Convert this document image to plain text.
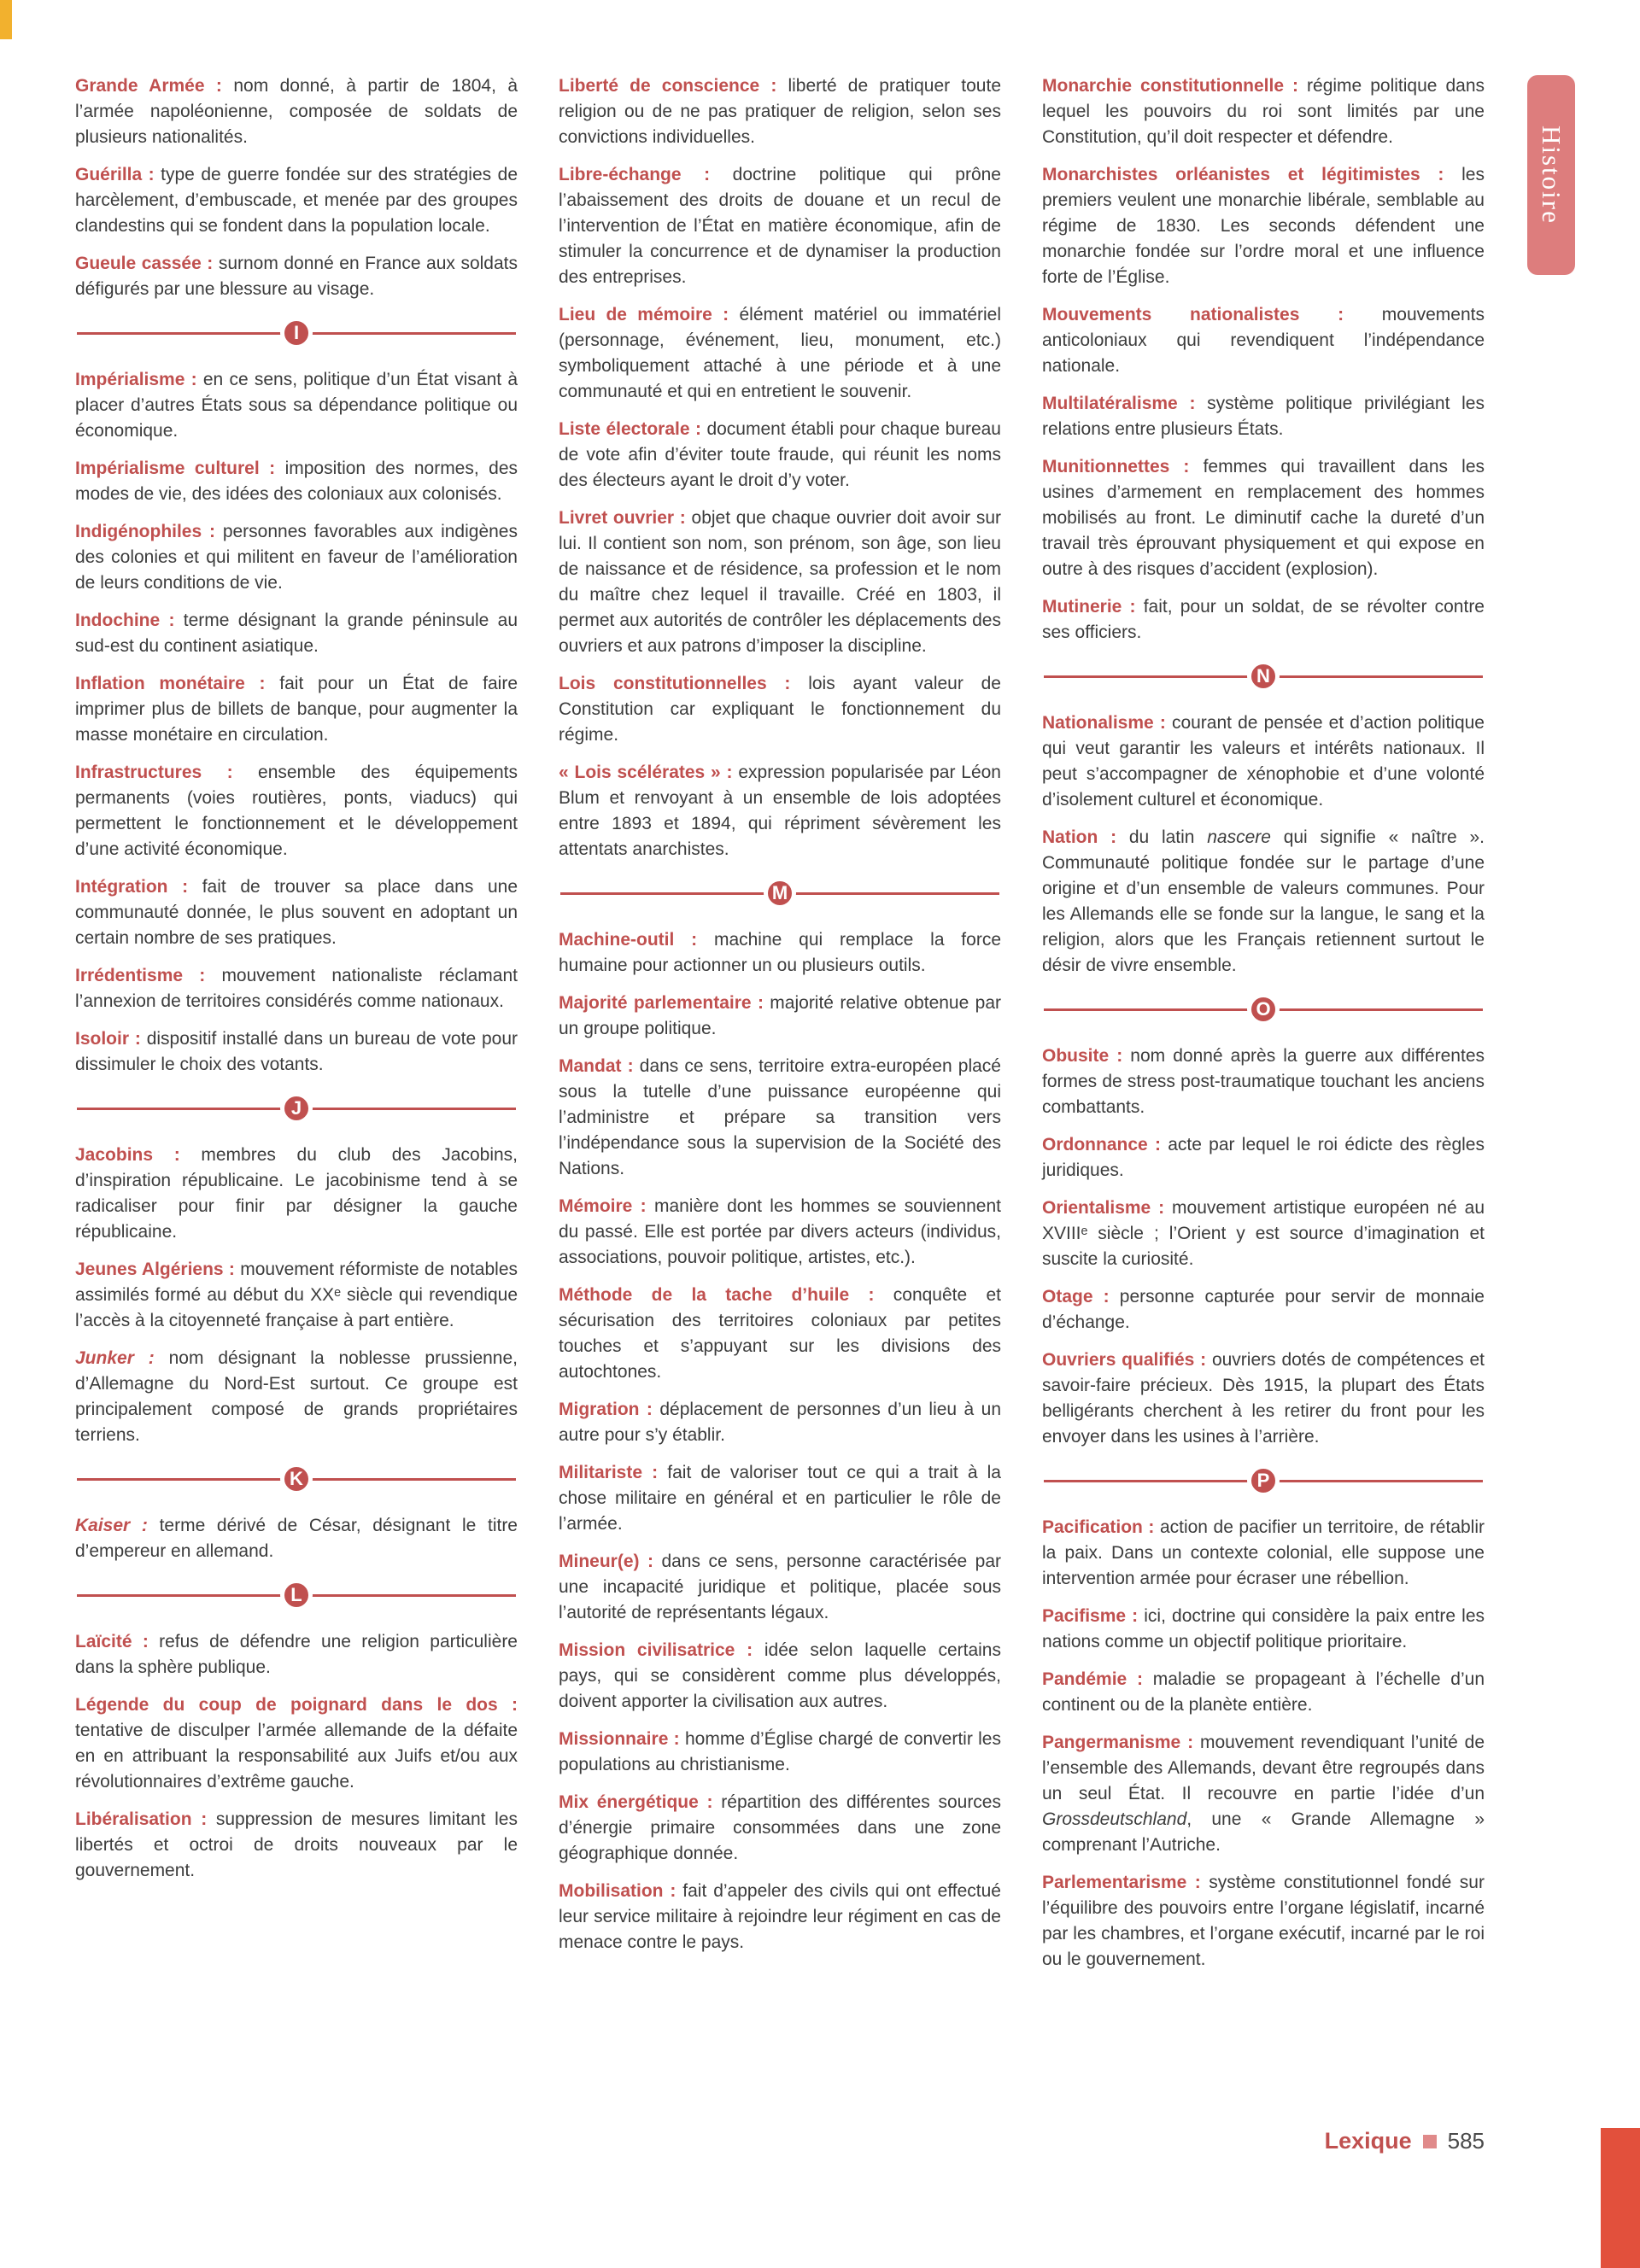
Grande Armée : nom donné, à partir de 1804, à l’armée napoléonienne, composée de soldats de plusieurs nationalités.

Guérilla : type de guerre fondée sur des stratégies de harcèlement, d’embuscade, et menée par des groupes clandestins qui se fondent dans la population locale.

Gueule cassée : surnom donné en France aux soldats défigurés par une blessure au visage.

I

Impérialisme : en ce sens, politique d’un État visant à placer d’autres États sous sa dépendance politique ou économique.

Impérialisme culturel : imposition des normes, des modes de vie, des idées des coloniaux aux colonisés.

Indigénophiles : personnes favorables aux indigènes des colonies et qui militent en faveur de l’amélioration de leurs conditions de vie.

Indochine : terme désignant la grande péninsule au sud-est du continent asiatique.

Inflation monétaire : fait pour un État de faire imprimer plus de billets de banque, pour augmenter la masse monétaire en circulation.

Infrastructures : ensemble des équipements permanents (voies routières, ponts, viaducs) qui permettent le fonctionnement et le développement d’une activité économique.

Intégration : fait de trouver sa place dans une communauté donnée, le plus souvent en adoptant un certain nombre de ses pratiques.

Irrédentisme : mouvement nationaliste réclamant l’annexion de territoires considérés comme nationaux.

Isoloir : dispositif installé dans un bureau de vote pour dissimuler le choix des votants.

J

Jacobins : membres du club des Jacobins, d’inspiration républicaine. Le jacobinisme tend à se radicaliser pour finir par désigner la gauche républicaine.

Jeunes Algériens : mouvement réformiste de notables assimilés formé au début du XXᵉ siècle qui revendique l’accès à la citoyenneté française à part entière.

Junker : nom désignant la noblesse prussienne, d’Allemagne du Nord-Est surtout. Ce groupe est principalement composé de grands propriétaires terriens.

K

Kaiser : terme dérivé de César, désignant le titre d’empereur en allemand.

L

Laïcité : refus de défendre une religion particulière dans la sphère publique.

Légende du coup de poignard dans le dos : tentative de disculper l’armée allemande de la défaite en en attribuant la responsabilité aux Juifs et/ou aux révolutionnaires d’extrême gauche.

Libéralisation : suppression de mesures limitant les libertés et octroi de droits nouveaux par le gouvernement.

Liberté de conscience : liberté de pratiquer toute religion ou de ne pas pratiquer de religion, selon ses convictions individuelles.

Libre-échange : doctrine politique qui prône l’abaissement des droits de douane et un recul de l’intervention de l’État en matière économique, afin de stimuler la concurrence et de dynamiser la production des entreprises.

Lieu de mémoire : élément matériel ou immatériel (personnage, événement, lieu, monument, etc.) symboliquement attaché à une période et à une communauté et qui en entretient le souvenir.

Liste électorale : document établi pour chaque bureau de vote afin d’éviter toute fraude, qui réunit les noms des électeurs ayant le droit d’y voter.

Livret ouvrier : objet que chaque ouvrier doit avoir sur lui. Il contient son nom, son prénom, son âge, son lieu de naissance et de résidence, sa profession et le nom du maître chez lequel il travaille. Créé en 1803, il permet aux autorités de contrôler les déplacements des ouvriers et aux patrons d’imposer la discipline.

Lois constitutionnelles : lois ayant valeur de Constitution car expliquant le fonctionnement du régime.

« Lois scélérates » : expression popularisée par Léon Blum et renvoyant à un ensemble de lois adoptées entre 1893 et 1894, qui répriment sévèrement les attentats anarchistes.

M

Machine-outil : machine qui remplace la force humaine pour actionner un ou plusieurs outils.

Majorité parlementaire : majorité relative obtenue par un groupe politique.

Mandat : dans ce sens, territoire extra-européen placé sous la tutelle d’une puissance européenne qui l’administre et prépare sa transition vers l’indépendance sous la supervision de la Société des Nations.

Mémoire : manière dont les hommes se souviennent du passé. Elle est portée par divers acteurs (individus, associations, pouvoir politique, artistes, etc.).

Méthode de la tache d’huile : conquête et sécurisation des territoires coloniaux par petites touches et s’appuyant sur les divisions des autochtones.

Migration : déplacement de personnes d’un lieu à un autre pour s’y établir.

Militariste : fait de valoriser tout ce qui a trait à la chose militaire en général et en particulier le rôle de l’armée.

Mineur(e) : dans ce sens, personne caractérisée par une incapacité juridique et politique, placée sous l’autorité de représentants légaux.

Mission civilisatrice : idée selon laquelle certains pays, qui se considèrent comme plus développés, doivent apporter la civilisation aux autres.

Missionnaire : homme d’Église chargé de convertir les populations au christianisme.

Mix énergétique : répartition des différentes sources d’énergie primaire consommées dans une zone géographique donnée.

Mobilisation : fait d’appeler des civils qui ont effectué leur service militaire à rejoindre leur régiment en cas de menace contre le pays.

Monarchie constitutionnelle : régime politique dans lequel les pouvoirs du roi sont limités par une Constitution, qu’il doit respecter et défendre.

Monarchistes orléanistes et légitimistes : les premiers veulent une monarchie libérale, semblable au régime de 1830. Les seconds défendent une monarchie fondée sur l’ordre moral et une influence forte de l’Église.

Mouvements nationalistes : mouvements anticoloniaux qui revendiquent l’indépendance nationale.

Multilatéralisme : système politique privilégiant les relations entre plusieurs États.

Munitionnettes : femmes qui travaillent dans les usines d’armement en remplacement des hommes mobilisés au front. Le diminutif cache la dureté d’un travail très éprouvant physiquement et qui expose en outre à des risques d’accident (explosion).

Mutinerie : fait, pour un soldat, de se révolter contre ses officiers.

N

Nationalisme : courant de pensée et d’action politique qui veut garantir les valeurs et intérêts nationaux. Il peut s’accompagner de xénophobie et d’une volonté d’isolement culturel et économique.

Nation : du latin nascere qui signifie « naître ». Communauté politique fondée sur le partage d’une origine et d’un ensemble de valeurs communes. Pour les Allemands elle se fonde sur la langue, le sang et la religion, alors que les Français retiennent surtout le désir de vivre ensemble.

O

Obusite : nom donné après la guerre aux différentes formes de stress post-traumatique touchant les anciens combattants.

Ordonnance : acte par lequel le roi édicte des règles juridiques.

Orientalisme : mouvement artistique européen né au XVIIIᵉ siècle ; l’Orient y est source d’imagination et suscite la curiosité.

Otage : personne capturée pour servir de monnaie d’échange.

Ouvriers qualifiés : ouvriers dotés de compétences et savoir-faire précieux. Dès 1915, la plupart des États belligérants cherchent à les retirer du front pour les envoyer dans les usines à l’arrière.

P

Pacification : action de pacifier un territoire, de rétablir la paix. Dans un contexte colonial, elle suppose une intervention armée pour écraser une rébellion.

Pacifisme : ici, doctrine qui considère la paix entre les nations comme un objectif politique prioritaire.

Pandémie : maladie se propageant à l’échelle d’un continent ou de la planète entière.

Pangermanisme : mouvement revendiquant l’unité de l’ensemble des Allemands, devant être regroupés dans un seul État. Il recouvre en partie l’idée d’un Grossdeutschland, une « Grande Allemagne » comprenant l’Autriche.

Parlementarisme : système constitutionnel fondé sur l’équilibre des pouvoirs entre l’organe législatif, incarné par les chambres, et l’organe exécutif, incarné par le roi ou le gouvernement.

Histoire
Lexique 585
